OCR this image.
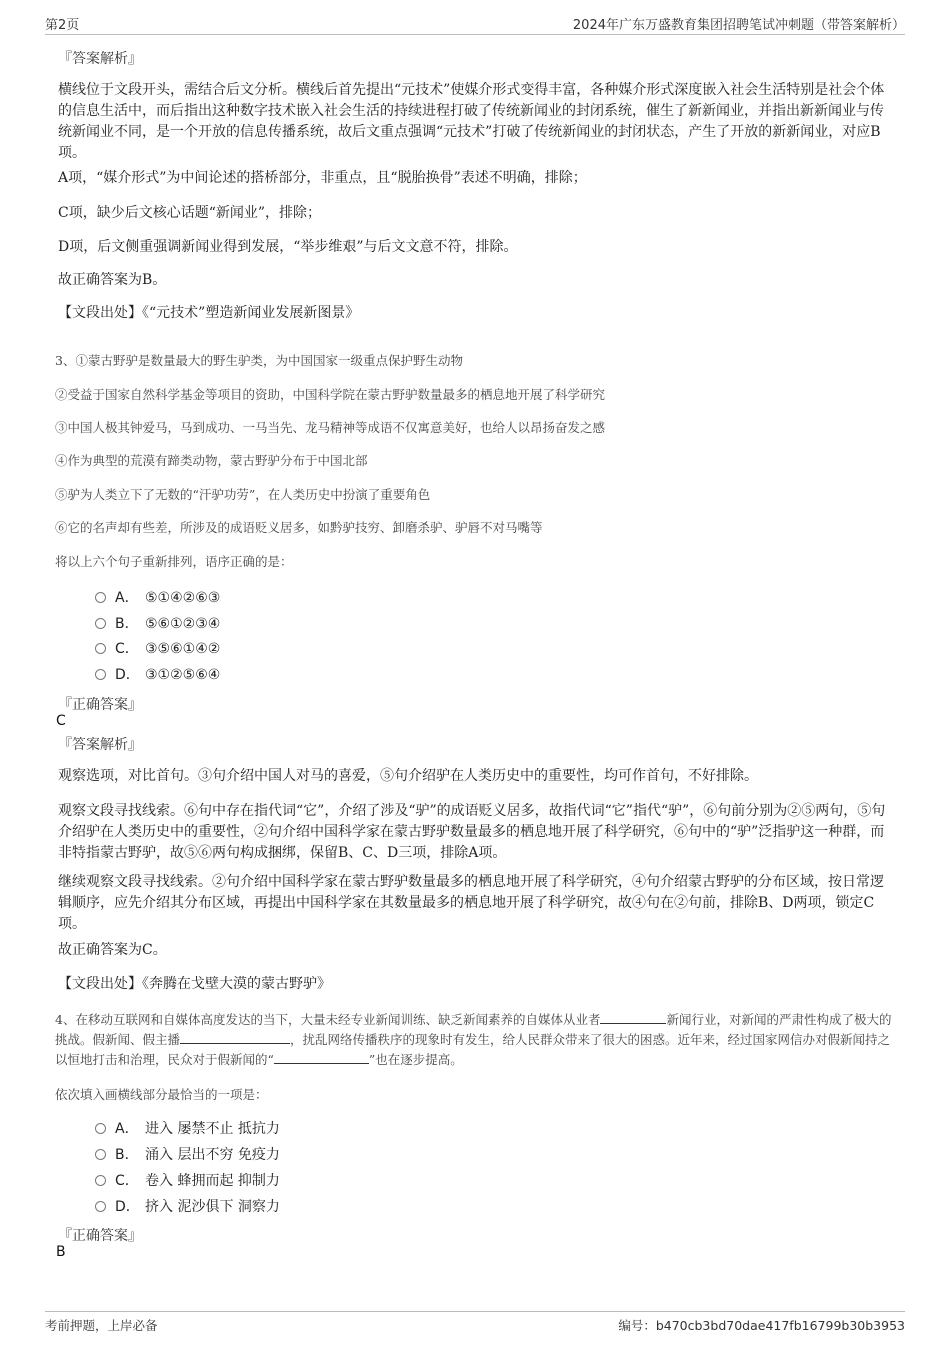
第2页	2024年广东万盛教育集团招聘笔试冲刺题（带答案解析）
『答案解析』
横线位于文段开头，需结合后文分析。横线后首先提出“元技术”使媒介形式变得丰富，各种媒介形式深度嵌入社会生活特别是社会个体的信息生活中，而后指出这种数字技术嵌入社会生活的持续进程打破了传统新闻业的封闭系统，催生了新新闻业，并指出新新闻业与传统新闻业不同，是一个开放的信息传播系统，故后文重点强调“元技术”打破了传统新闻业的封闭状态，产生了开放的新新闻业，对应B项。
A项，“媒介形式”为中间论述的搭桥部分，非重点，且“脱胎换骨”表述不明确，排除；
C项，缺少后文核心话题“新闻业”，排除；
D项，后文侧重强调新闻业得到发展，“举步维艰”与后文文意不符，排除。
故正确答案为B。
【文段出处】《“元技术”塑造新闻业发展新图景》
3、①蒙古野驴是数量最大的野生驴类，为中国国家一级重点保护野生动物
②受益于国家自然科学基金等项目的资助，中国科学院在蒙古野驴数量最多的栖息地开展了科学研究
③中国人极其钟爱马，马到成功、一马当先、龙马精神等成语不仅寓意美好，也给人以昂扬奋发之感
④作为典型的荒漠有蹄类动物，蒙古野驴分布于中国北部
⑤驴为人类立下了无数的“汗驴功劳”，在人类历史中扮演了重要角色
⑥它的名声却有些差，所涉及的成语贬义居多，如黔驴技穷、卸磨杀驴、驴唇不对马嘴等
将以上六个句子重新排列，语序正确的是：
A． ⑤①④②⑥③
B． ⑤⑥①②③④
C． ③⑤⑥①④②
D． ③①②⑤⑥④
『正确答案』
C
『答案解析』
观察选项，对比首句。③句介绍中国人对马的喜爱，⑤句介绍驴在人类历史中的重要性，均可作首句，不好排除。
观察文段寻找线索。⑥句中存在指代词“它”，介绍了涉及“驴”的成语贬义居多，故指代词“它”指代“驴”，⑥句前分别为②⑤两句，⑤句介绍驴在人类历史中的重要性，②句介绍中国科学家在蒙古野驴数量最多的栖息地开展了科学研究，⑥句中的“驴”泛指驴这一种群，而非特指蒙古野驴，故⑤⑥两句构成捆绑，保留B、C、D三项，排除A项。
继续观察文段寻找线索。②句介绍中国科学家在蒙古野驴数量最多的栖息地开展了科学研究，④句介绍蒙古野驴的分布区域，按日常逻辑顺序，应先介绍其分布区域，再提出中国科学家在其数量最多的栖息地开展了科学研究，故④句在②句前，排除B、D两项，锁定C项。
故正确答案为C。
【文段出处】《奔腾在戈壁大漠的蒙古野驴》
4、在移动互联网和自媒体高度发达的当下，大量未经专业新闻训练、缺乏新闻素养的自媒体从业者	新闻行业，对新闻的严肃性构成了极大的挑战。假新闻、假主播	，扰乱网络传播秩序的现象时有发生，给人民群众带来了很大的困惑。近年来，经过国家网信办对假新闻持之以恒地打击和治理，民众对于假新闻的“	”也在逐步提高。
依次填入画横线部分最恰当的一项是：
A． 进入 屡禁不止 抵抗力
B． 涌入 层出不穷 免疫力
C． 卷入 蜂拥而起 抑制力
D． 挤入 泥沙俱下 洞察力
『正确答案』
B
考前押题，上岸必备	编号：b470cb3bd70dae417fb16799b30b3953
